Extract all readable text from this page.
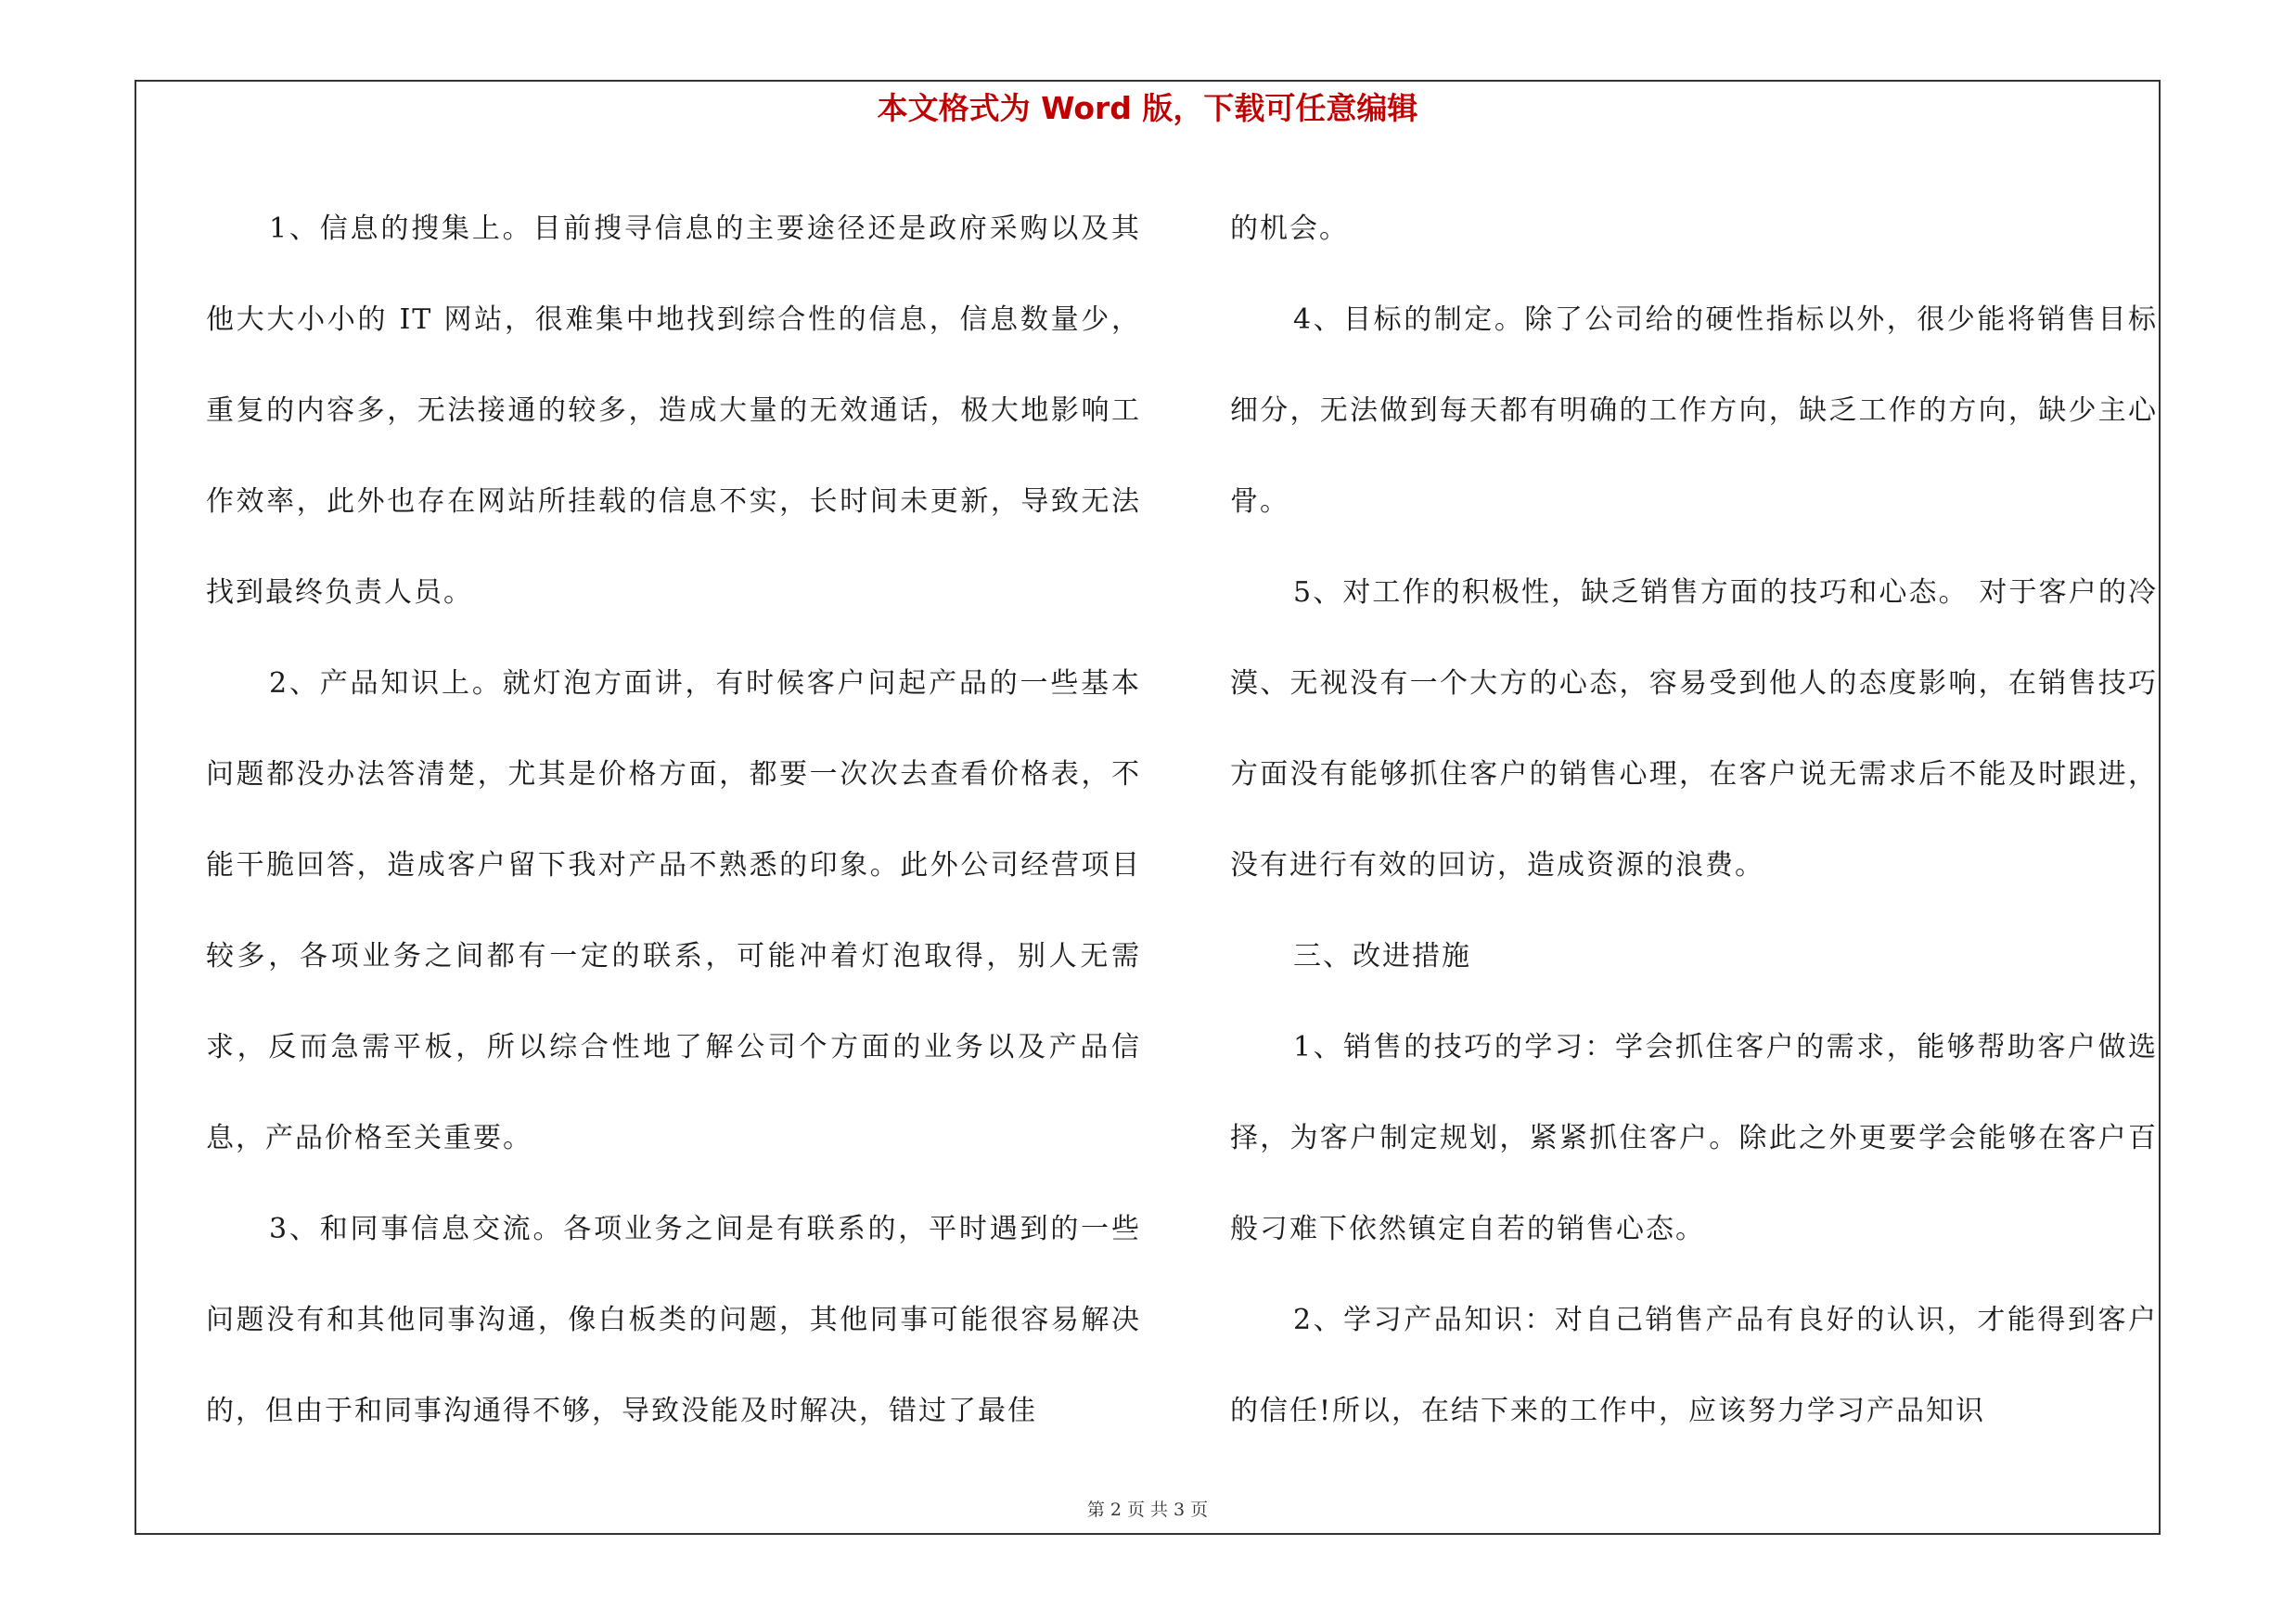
本文格式为 Word 版，下载可任意编辑

1、信息的搜集上。目前搜寻信息的主要途径还是政府采购以及其他大大小小的 IT 网站，很难集中地找到综合性的信息，信息数量少，重复的内容多，无法接通的较多，造成大量的无效通话，极大地影响工作效率，此外也存在网站所挂载的信息不实，长时间未更新，导致无法找到最终负责人员。

2、产品知识上。就灯泡方面讲，有时候客户问起产品的一些基本问题都没办法答清楚，尤其是价格方面，都要一次次去查看价格表，不能干脆回答，造成客户留下我对产品不熟悉的印象。此外公司经营项目较多，各项业务之间都有一定的联系，可能冲着灯泡取得，别人无需求，反而急需平板，所以综合性地了解公司个方面的业务以及产品信息，产品价格至关重要。

3、和同事信息交流。各项业务之间是有联系的，平时遇到的一些问题没有和其他同事沟通，像白板类的问题，其他同事可能很容易解决的，但由于和同事沟通得不够，导致没能及时解决，错过了最佳

的机会。

4、目标的制定。除了公司给的硬性指标以外，很少能将销售目标细分，无法做到每天都有明确的工作方向，缺乏工作的方向，缺少主心骨。

5、对工作的积极性，缺乏销售方面的技巧和心态。 对于客户的冷漠、无视没有一个大方的心态，容易受到他人的态度影响，在销售技巧方面没有能够抓住客户的销售心理，在客户说无需求后不能及时跟进，没有进行有效的回访，造成资源的浪费。

三、改进措施

1、销售的技巧的学习：学会抓住客户的需求，能够帮助客户做选择，为客户制定规划，紧紧抓住客户。除此之外更要学会能够在客户百般刁难下依然镇定自若的销售心态。

2、学习产品知识：对自己销售产品有良好的认识，才能得到客户的信任!所以，在结下来的工作中，应该努力学习产品知识

第 2 页 共 3 页
